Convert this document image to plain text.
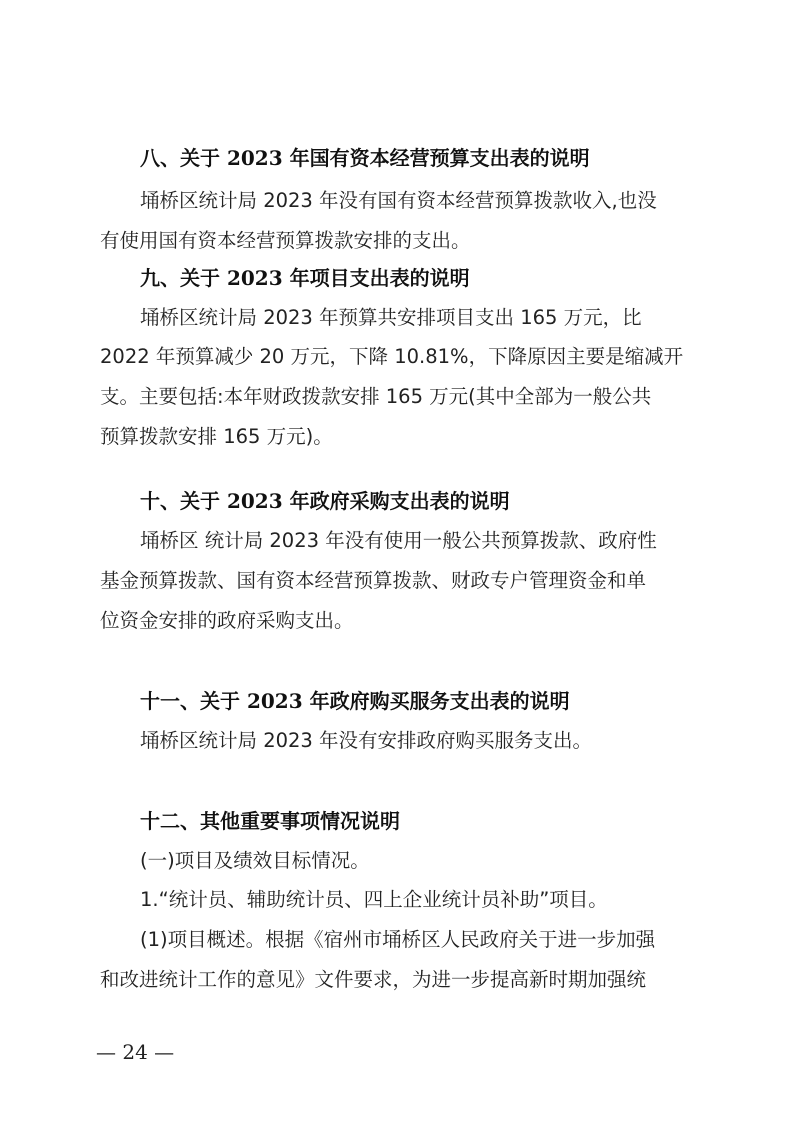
八、关于 2023 年国有资本经营预算支出表的说明
埇桥区统计局 2023 年没有国有资本经营预算拨款收入,也没
有使用国有资本经营预算拨款安排的支出。
九、关于 2023 年项目支出表的说明
埇桥区统计局 2023 年预算共安排项目支出 165 万元，比
2022 年预算减少 20 万元，下降 10.81%，下降原因主要是缩减开
支。主要包括:本年财政拨款安排 165 万元(其中全部为一般公共
预算拨款安排 165 万元)。
十、关于 2023 年政府采购支出表的说明
埇桥区 统计局 2023 年没有使用一般公共预算拨款、政府性
基金预算拨款、国有资本经营预算拨款、财政专户管理资金和单
位资金安排的政府采购支出。
十一、关于 2023 年政府购买服务支出表的说明
埇桥区统计局 2023 年没有安排政府购买服务支出。
十二、其他重要事项情况说明
(一)项目及绩效目标情况。
1.“统计员、辅助统计员、四上企业统计员补助”项目。
(1)项目概述。根据《宿州市埇桥区人民政府关于进一步加强
和改进统计工作的意见》文件要求，为进一步提高新时期加强统
— 24 —
